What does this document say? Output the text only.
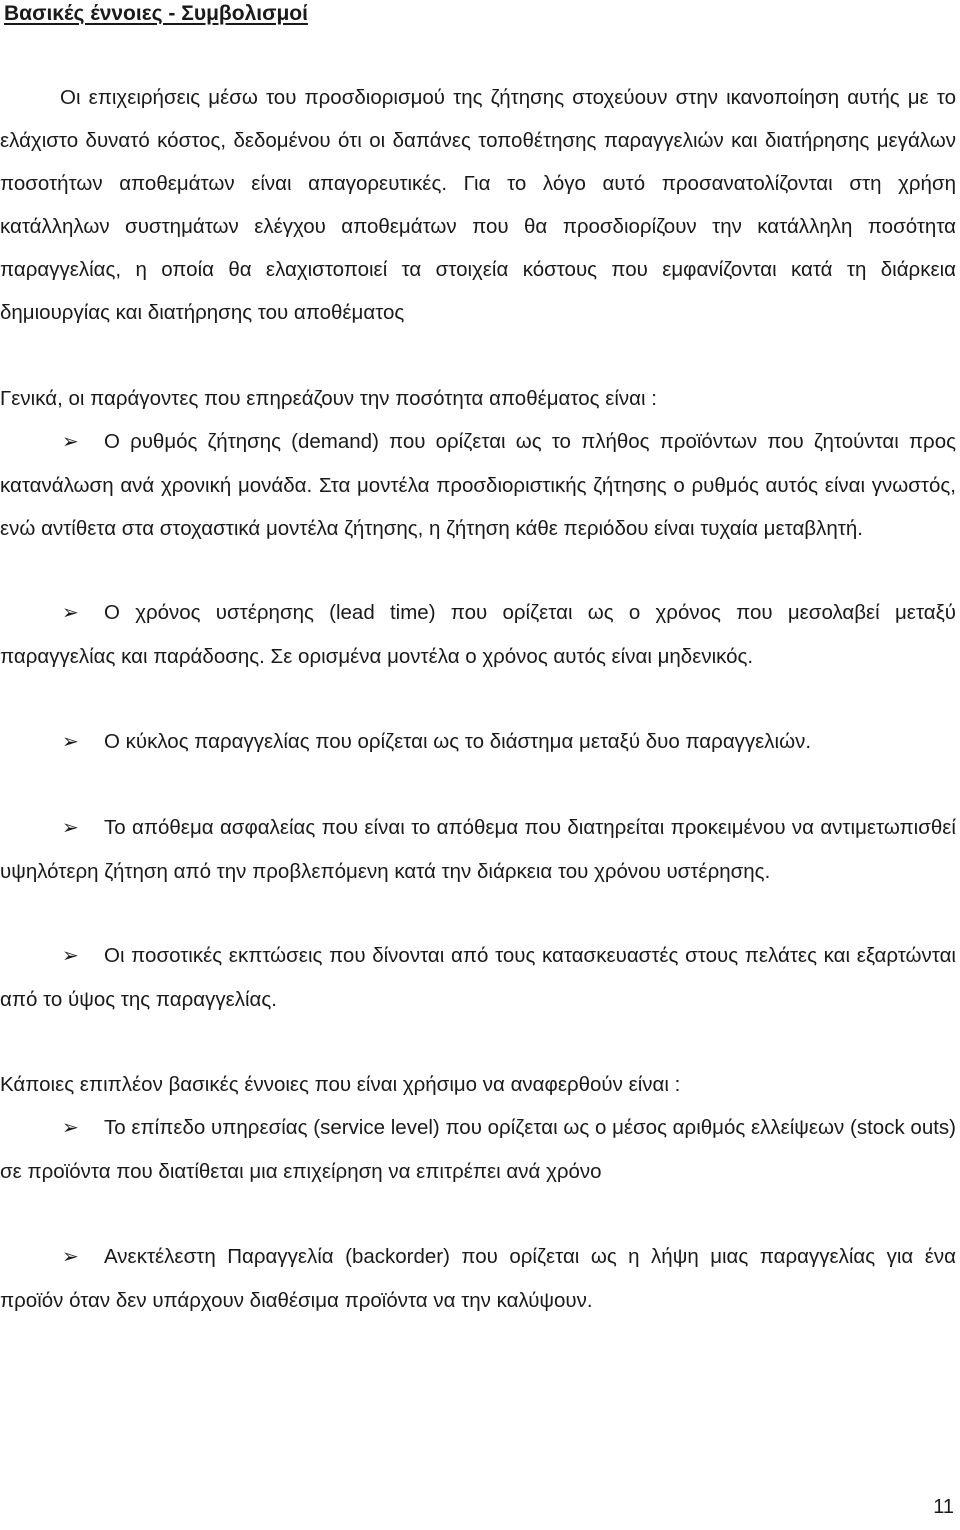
Βασικές έννοιες - Συμβολισμοί

Οι επιχειρήσεις μέσω του προσδιορισμού της ζήτησης στοχεύουν στην ικανοποίηση αυτής με το ελάχιστο δυνατό κόστος, δεδομένου ότι οι δαπάνες τοποθέτησης παραγγελιών και διατήρησης μεγάλων ποσοτήτων αποθεμάτων είναι απαγορευτικές. Για το λόγο αυτό προσανατολίζονται στη χρήση κατάλληλων συστημάτων ελέγχου αποθεμάτων που θα προσδιορίζουν την κατάλληλη ποσότητα παραγγελίας, η οποία θα ελαχιστοποιεί τα στοιχεία κόστους που εμφανίζονται κατά τη διάρκεια δημιουργίας και διατήρησης του αποθέματος

Γενικά, οι παράγοντες που επηρεάζουν την ποσότητα αποθέματος είναι :

➢ Ο ρυθμός ζήτησης (demand) που ορίζεται ως το πλήθος προϊόντων που ζητούνται προς κατανάλωση ανά χρονική μονάδα. Στα μοντέλα προσδιοριστικής ζήτησης ο ρυθμός αυτός είναι γνωστός, ενώ αντίθετα στα στοχαστικά μοντέλα ζήτησης, η ζήτηση κάθε περιόδου είναι τυχαία μεταβλητή.

➢ Ο χρόνος υστέρησης (lead time) που ορίζεται ως ο χρόνος που μεσολαβεί μεταξύ παραγγελίας και παράδοσης. Σε ορισμένα μοντέλα ο χρόνος αυτός είναι μηδενικός.

➢ Ο κύκλος παραγγελίας που ορίζεται ως το διάστημα μεταξύ δυο παραγγελιών.

➢ Το απόθεμα ασφαλείας που είναι το απόθεμα που διατηρείται προκειμένου να αντιμετωπισθεί υψηλότερη ζήτηση από την προβλεπόμενη κατά την διάρκεια του χρόνου υστέρησης.

➢ Οι ποσοτικές εκπτώσεις που δίνονται από τους κατασκευαστές στους πελάτες και εξαρτώνται από το ύψος της παραγγελίας.

Κάποιες επιπλέον βασικές έννοιες που είναι χρήσιμο να αναφερθούν είναι :

➢ Το επίπεδο υπηρεσίας (service level) που ορίζεται ως ο μέσος αριθμός ελλείψεων (stock outs) σε προϊόντα που διατίθεται μια επιχείρηση να επιτρέπει ανά χρόνο

➢ Ανεκτέλεστη Παραγγελία (backorder) που ορίζεται ως η λήψη μιας παραγγελίας για ένα προϊόν όταν δεν υπάρχουν διαθέσιμα προϊόντα να την καλύψουν.

11
